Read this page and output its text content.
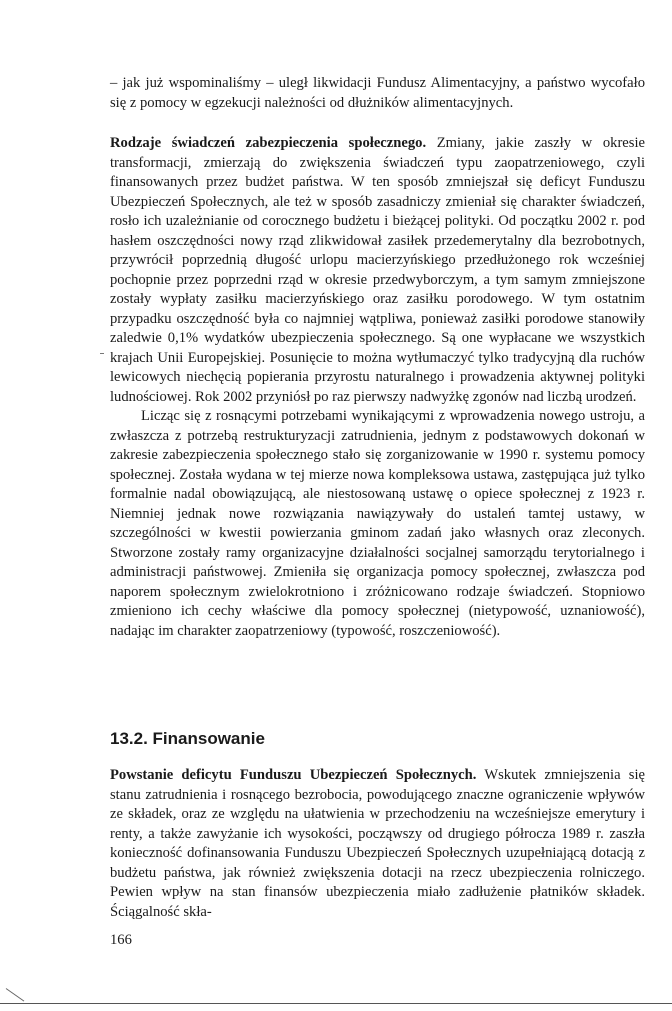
– jak już wspominaliśmy – uległ likwidacji Fundusz Alimentacyjny, a państwo wycofało się z pomocy w egzekucji należności od dłużników alimentacyjnych.

Rodzaje świadczeń zabezpieczenia społecznego. Zmiany, jakie zaszły w okresie transformacji, zmierzają do zwiększenia świadczeń typu zaopatrzeniowego, czyli finansowanych przez budżet państwa. W ten sposób zmniejszał się deficyt Funduszu Ubezpieczeń Społecznych, ale też w sposób zasadniczy zmieniał się charakter świadczeń, rosło ich uzależnianie od corocznego budżetu i bieżącej polityki. Od początku 2002 r. pod hasłem oszczędności nowy rząd zlikwidował zasiłek przedemerytalny dla bezrobotnych, przywrócił poprzednią długość urlopu macierzyńskiego przedłużonego rok wcześniej pochopnie przez poprzedni rząd w okresie przedwyborczym, a tym samym zmniejszone zostały wypłaty zasiłku macierzyńskiego oraz zasiłku porodowego. W tym ostatnim przypadku oszczędność była co najmniej wątpliwa, ponieważ zasiłki porodowe stanowiły zaledwie 0,1% wydatków ubezpieczenia społecznego. Są one wypłacane we wszystkich krajach Unii Europejskiej. Posunięcie to można wytłumaczyć tylko tradycyjną dla ruchów lewicowych niechęcią popierania przyrostu naturalnego i prowadzenia aktywnej polityki ludnościowej. Rok 2002 przyniósł po raz pierwszy nadwyżkę zgonów nad liczbą urodzeń.

Licząc się z rosnącymi potrzebami wynikającymi z wprowadzenia nowego ustroju, a zwłaszcza z potrzebą restrukturyzacji zatrudnienia, jednym z podstawowych dokonań w zakresie zabezpieczenia społecznego stało się zorganizowanie w 1990 r. systemu pomocy społecznej. Została wydana w tej mierze nowa kompleksowa ustawa, zastępująca już tylko formalnie nadal obowiązującą, ale niestosowaną ustawę o opiece społecznej z 1923 r. Niemniej jednak nowe rozwiązania nawiązywały do ustaleń tamtej ustawy, w szczególności w kwestii powierzania gminom zadań jako własnych oraz zleconych. Stworzone zostały ramy organizacyjne działalności socjalnej samorządu terytorialnego i administracji państwowej. Zmieniła się organizacja pomocy społecznej, zwłaszcza pod naporem społecznym zwielokrotniono i zróżnicowano rodzaje świadczeń. Stopniowo zmieniono ich cechy właściwe dla pomocy społecznej (nietypowość, uznaniowość), nadając im charakter zaopatrzeniowy (typowość, roszczeniowość).

13.2. Finansowanie

Powstanie deficytu Funduszu Ubezpieczeń Społecznych. Wskutek zmniejszenia się stanu zatrudnienia i rosnącego bezrobocia, powodującego znaczne ograniczenie wpływów ze składek, oraz ze względu na ułatwienia w przechodzeniu na wcześniejsze emerytury i renty, a także zawyżanie ich wysokości, począwszy od drugiego półrocza 1989 r. zaszła konieczność dofinansowania Funduszu Ubezpieczeń Społecznych uzupełniającą dotacją z budżetu państwa, jak również zwiększenia dotacji na rzecz ubezpieczenia rolniczego. Pewien wpływ na stan finansów ubezpieczenia miało zadłużenie płatników składek. Ściągalność skła-

166
